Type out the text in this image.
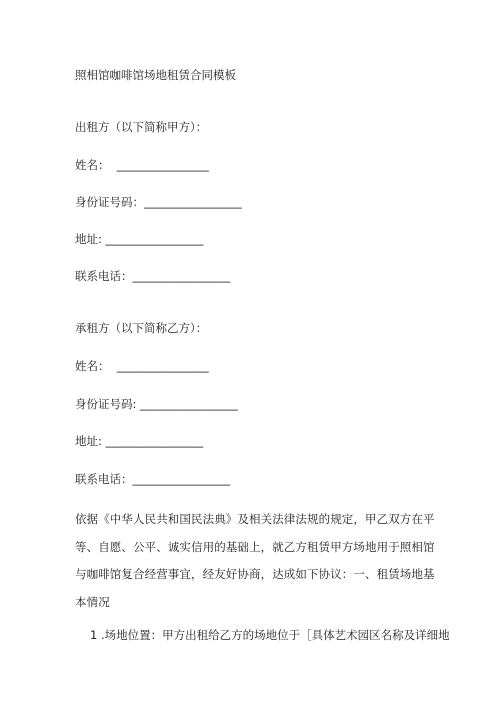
照相馆咖啡馆场地租赁合同模板
出租方（以下简称甲方）：
姓名：  ________________
身份证号码：_________________
地址: _________________
联系电话：_________________
承租方（以下简称乙方）：
姓名：  ________________
身份证号码: _________________
地址: _________________
联系电话：_________________
依据《中华人民共和国民法典》及相关法律法规的规定，甲乙双方在平等、自愿、公平、诚实信用的基础上，就乙方租赁甲方场地用于照相馆与咖啡馆复合经营事宜，经友好协商，达成如下协议：一、租赁场地基本情况
1 .场地位置：甲方出租给乙方的场地位于［具体艺术园区名称及详细地
